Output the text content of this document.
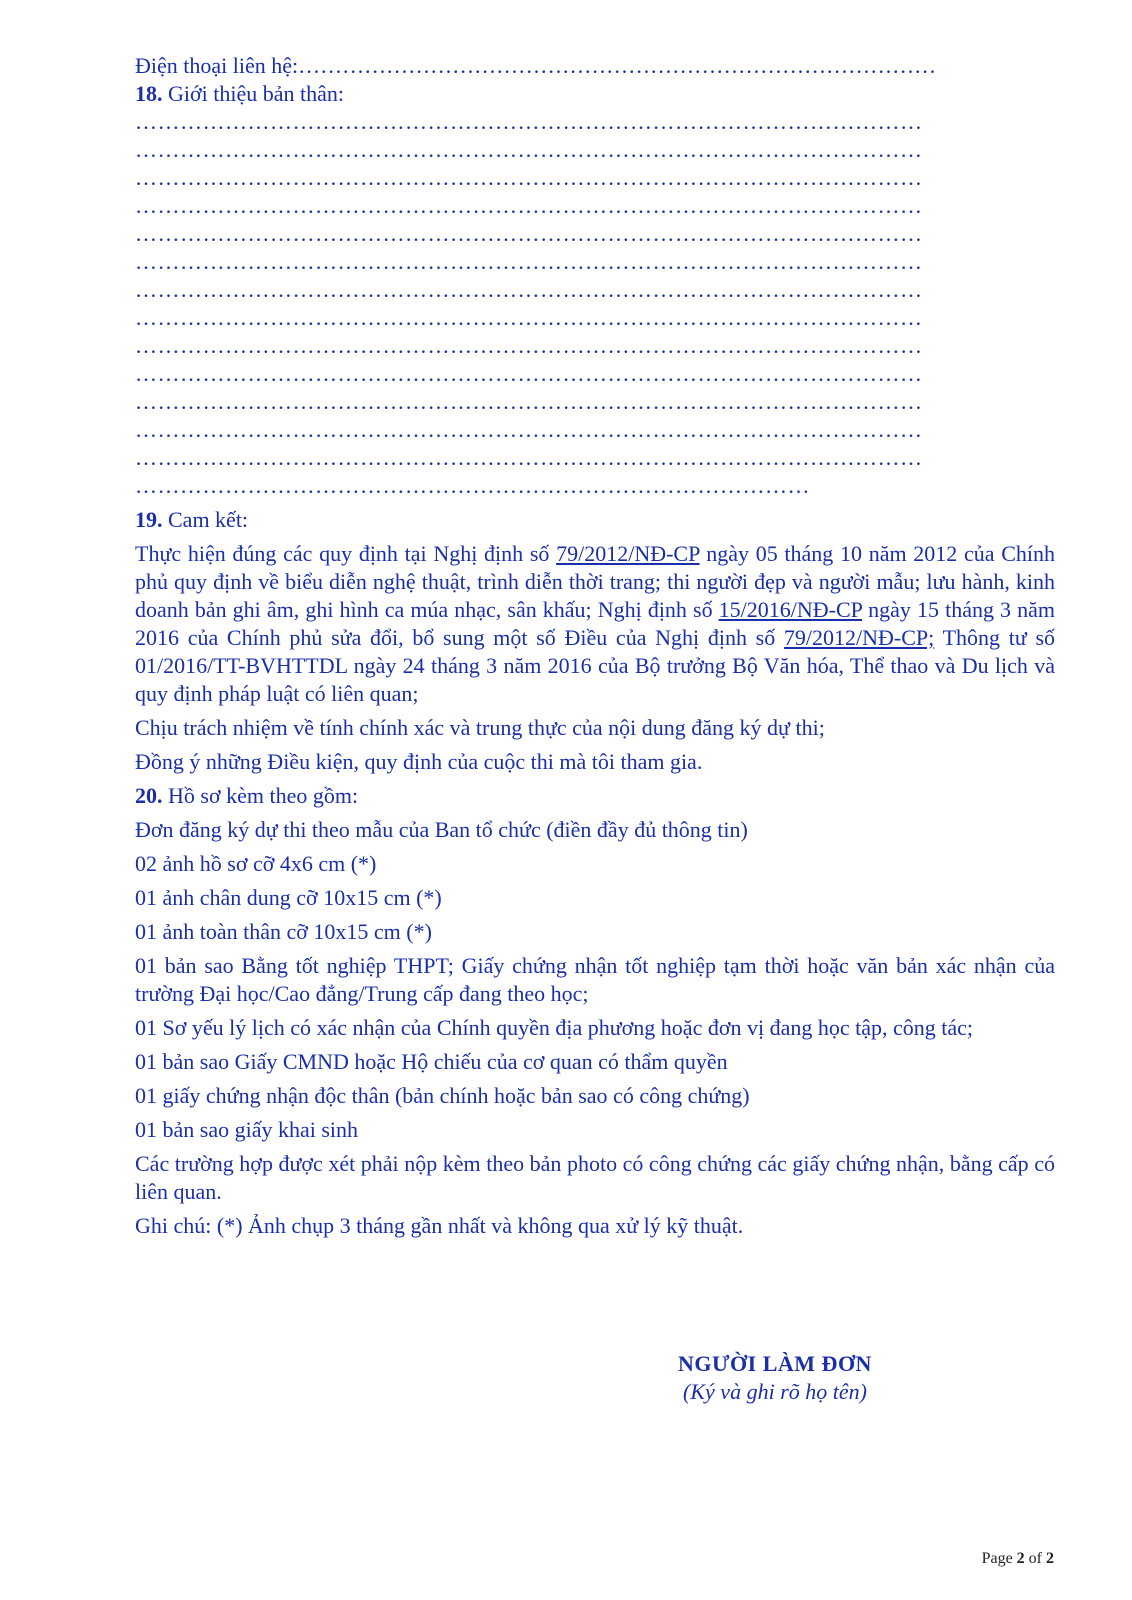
Điện thoại liên hệ:……………………………………………………………………………

18. Giới thiệu bản thân:

……………………………………………………………………………………………
……………………………………………………………………………………………
……………………………………………………………………………………………
……………………………………………………………………………………………
……………………………………………………………………………………………
……………………………………………………………………………………………
……………………………………………………………………………………………
……………………………………………………………………………………………
……………………………………………………………………………………………
……………………………………………………………………………………………
……………………………………………………………………………………………
……………………………………………………………………………………………
……………………………………………………………………………………………
………………………………………………………………………………

19. Cam kết:

Thực hiện đúng các quy định tại Nghị định số 79/2012/NĐ-CP ngày 05 tháng 10 năm 2012 của Chính phủ quy định về biểu diễn nghệ thuật, trình diễn thời trang; thi người đẹp và người mẫu; lưu hành, kinh doanh bản ghi âm, ghi hình ca múa nhạc, sân khấu; Nghị định số 15/2016/NĐ-CP ngày 15 tháng 3 năm 2016 của Chính phủ sửa đổi, bổ sung một số Điều của Nghị định số 79/2012/NĐ-CP; Thông tư số 01/2016/TT-BVHTTDL ngày 24 tháng 3 năm 2016 của Bộ trưởng Bộ Văn hóa, Thể thao và Du lịch và quy định pháp luật có liên quan;

Chịu trách nhiệm về tính chính xác và trung thực của nội dung đăng ký dự thi;

Đồng ý những Điều kiện, quy định của cuộc thi mà tôi tham gia.

20. Hồ sơ kèm theo gồm:

Đơn đăng ký dự thi theo mẫu của Ban tổ chức (điền đầy đủ thông tin)

02 ảnh hồ sơ cỡ 4x6 cm (*)

01 ảnh chân dung cỡ 10x15 cm (*)

01 ảnh toàn thân cỡ 10x15 cm (*)

01 bản sao Bằng tốt nghiệp THPT; Giấy chứng nhận tốt nghiệp tạm thời hoặc văn bản xác nhận của trường Đại học/Cao đẳng/Trung cấp đang theo học;

01 Sơ yếu lý lịch có xác nhận của Chính quyền địa phương hoặc đơn vị đang học tập, công tác;

01 bản sao Giấy CMND hoặc Hộ chiếu của cơ quan có thẩm quyền

01 giấy chứng nhận độc thân (bản chính hoặc bản sao có công chứng)

01 bản sao giấy khai sinh

Các trường hợp được xét phải nộp kèm theo bản photo có công chứng các giấy chứng nhận, bằng cấp có liên quan.

Ghi chú: (*) Ảnh chụp 3 tháng gần nhất và không qua xử lý kỹ thuật.

NGƯỜI LÀM ĐƠN
(Ký và ghi rõ họ tên)
Page 2 of 2
